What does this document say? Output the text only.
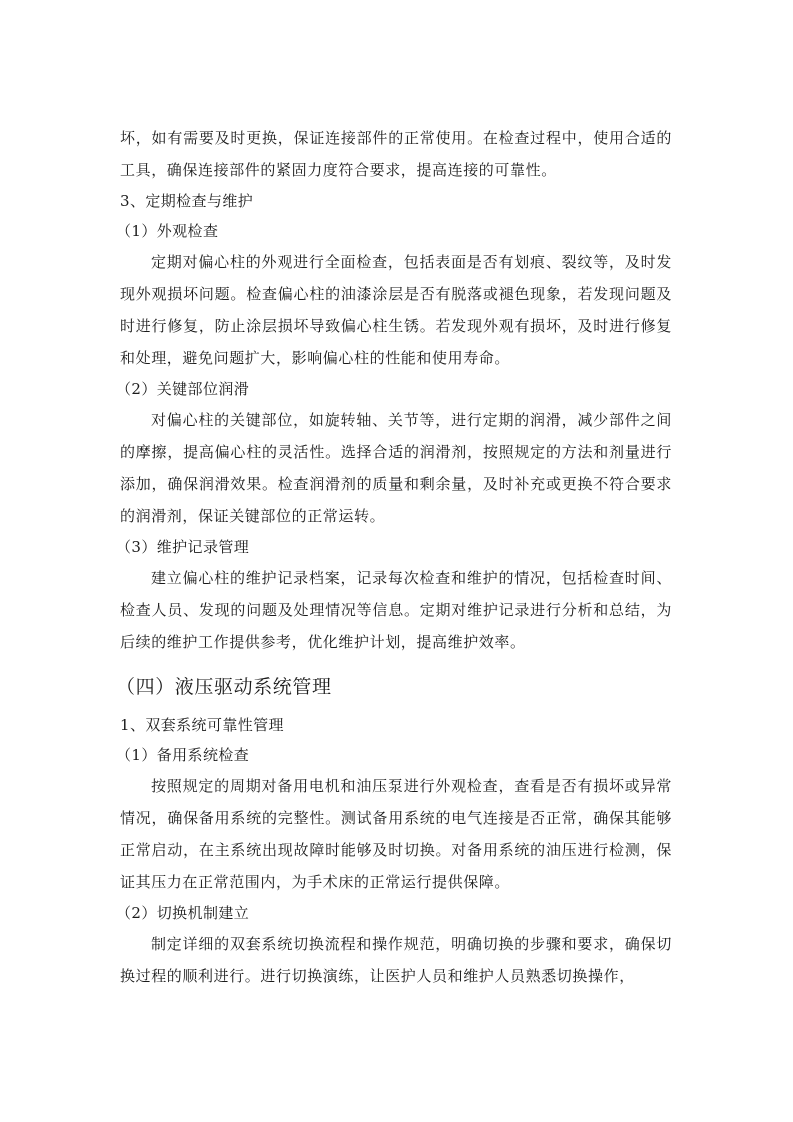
坏，如有需要及时更换，保证连接部件的正常使用。在检查过程中，使用合适的工具，确保连接部件的紧固力度符合要求，提高连接的可靠性。

3、定期检查与维护

（1）外观检查

定期对偏心柱的外观进行全面检查，包括表面是否有划痕、裂纹等，及时发现外观损坏问题。检查偏心柱的油漆涂层是否有脱落或褪色现象，若发现问题及时进行修复，防止涂层损坏导致偏心柱生锈。若发现外观有损坏，及时进行修复和处理，避免问题扩大，影响偏心柱的性能和使用寿命。

（2）关键部位润滑

对偏心柱的关键部位，如旋转轴、关节等，进行定期的润滑，减少部件之间的摩擦，提高偏心柱的灵活性。选择合适的润滑剂，按照规定的方法和剂量进行添加，确保润滑效果。检查润滑剂的质量和剩余量，及时补充或更换不符合要求的润滑剂，保证关键部位的正常运转。

（3）维护记录管理

建立偏心柱的维护记录档案，记录每次检查和维护的情况，包括检查时间、检查人员、发现的问题及处理情况等信息。定期对维护记录进行分析和总结，为后续的维护工作提供参考，优化维护计划，提高维护效率。

（四）液压驱动系统管理

1、双套系统可靠性管理

（1）备用系统检查

按照规定的周期对备用电机和油压泵进行外观检查，查看是否有损坏或异常情况，确保备用系统的完整性。测试备用系统的电气连接是否正常，确保其能够正常启动，在主系统出现故障时能够及时切换。对备用系统的油压进行检测，保证其压力在正常范围内，为手术床的正常运行提供保障。

（2）切换机制建立

制定详细的双套系统切换流程和操作规范，明确切换的步骤和要求，确保切换过程的顺利进行。进行切换演练，让医护人员和维护人员熟悉切换操作，
